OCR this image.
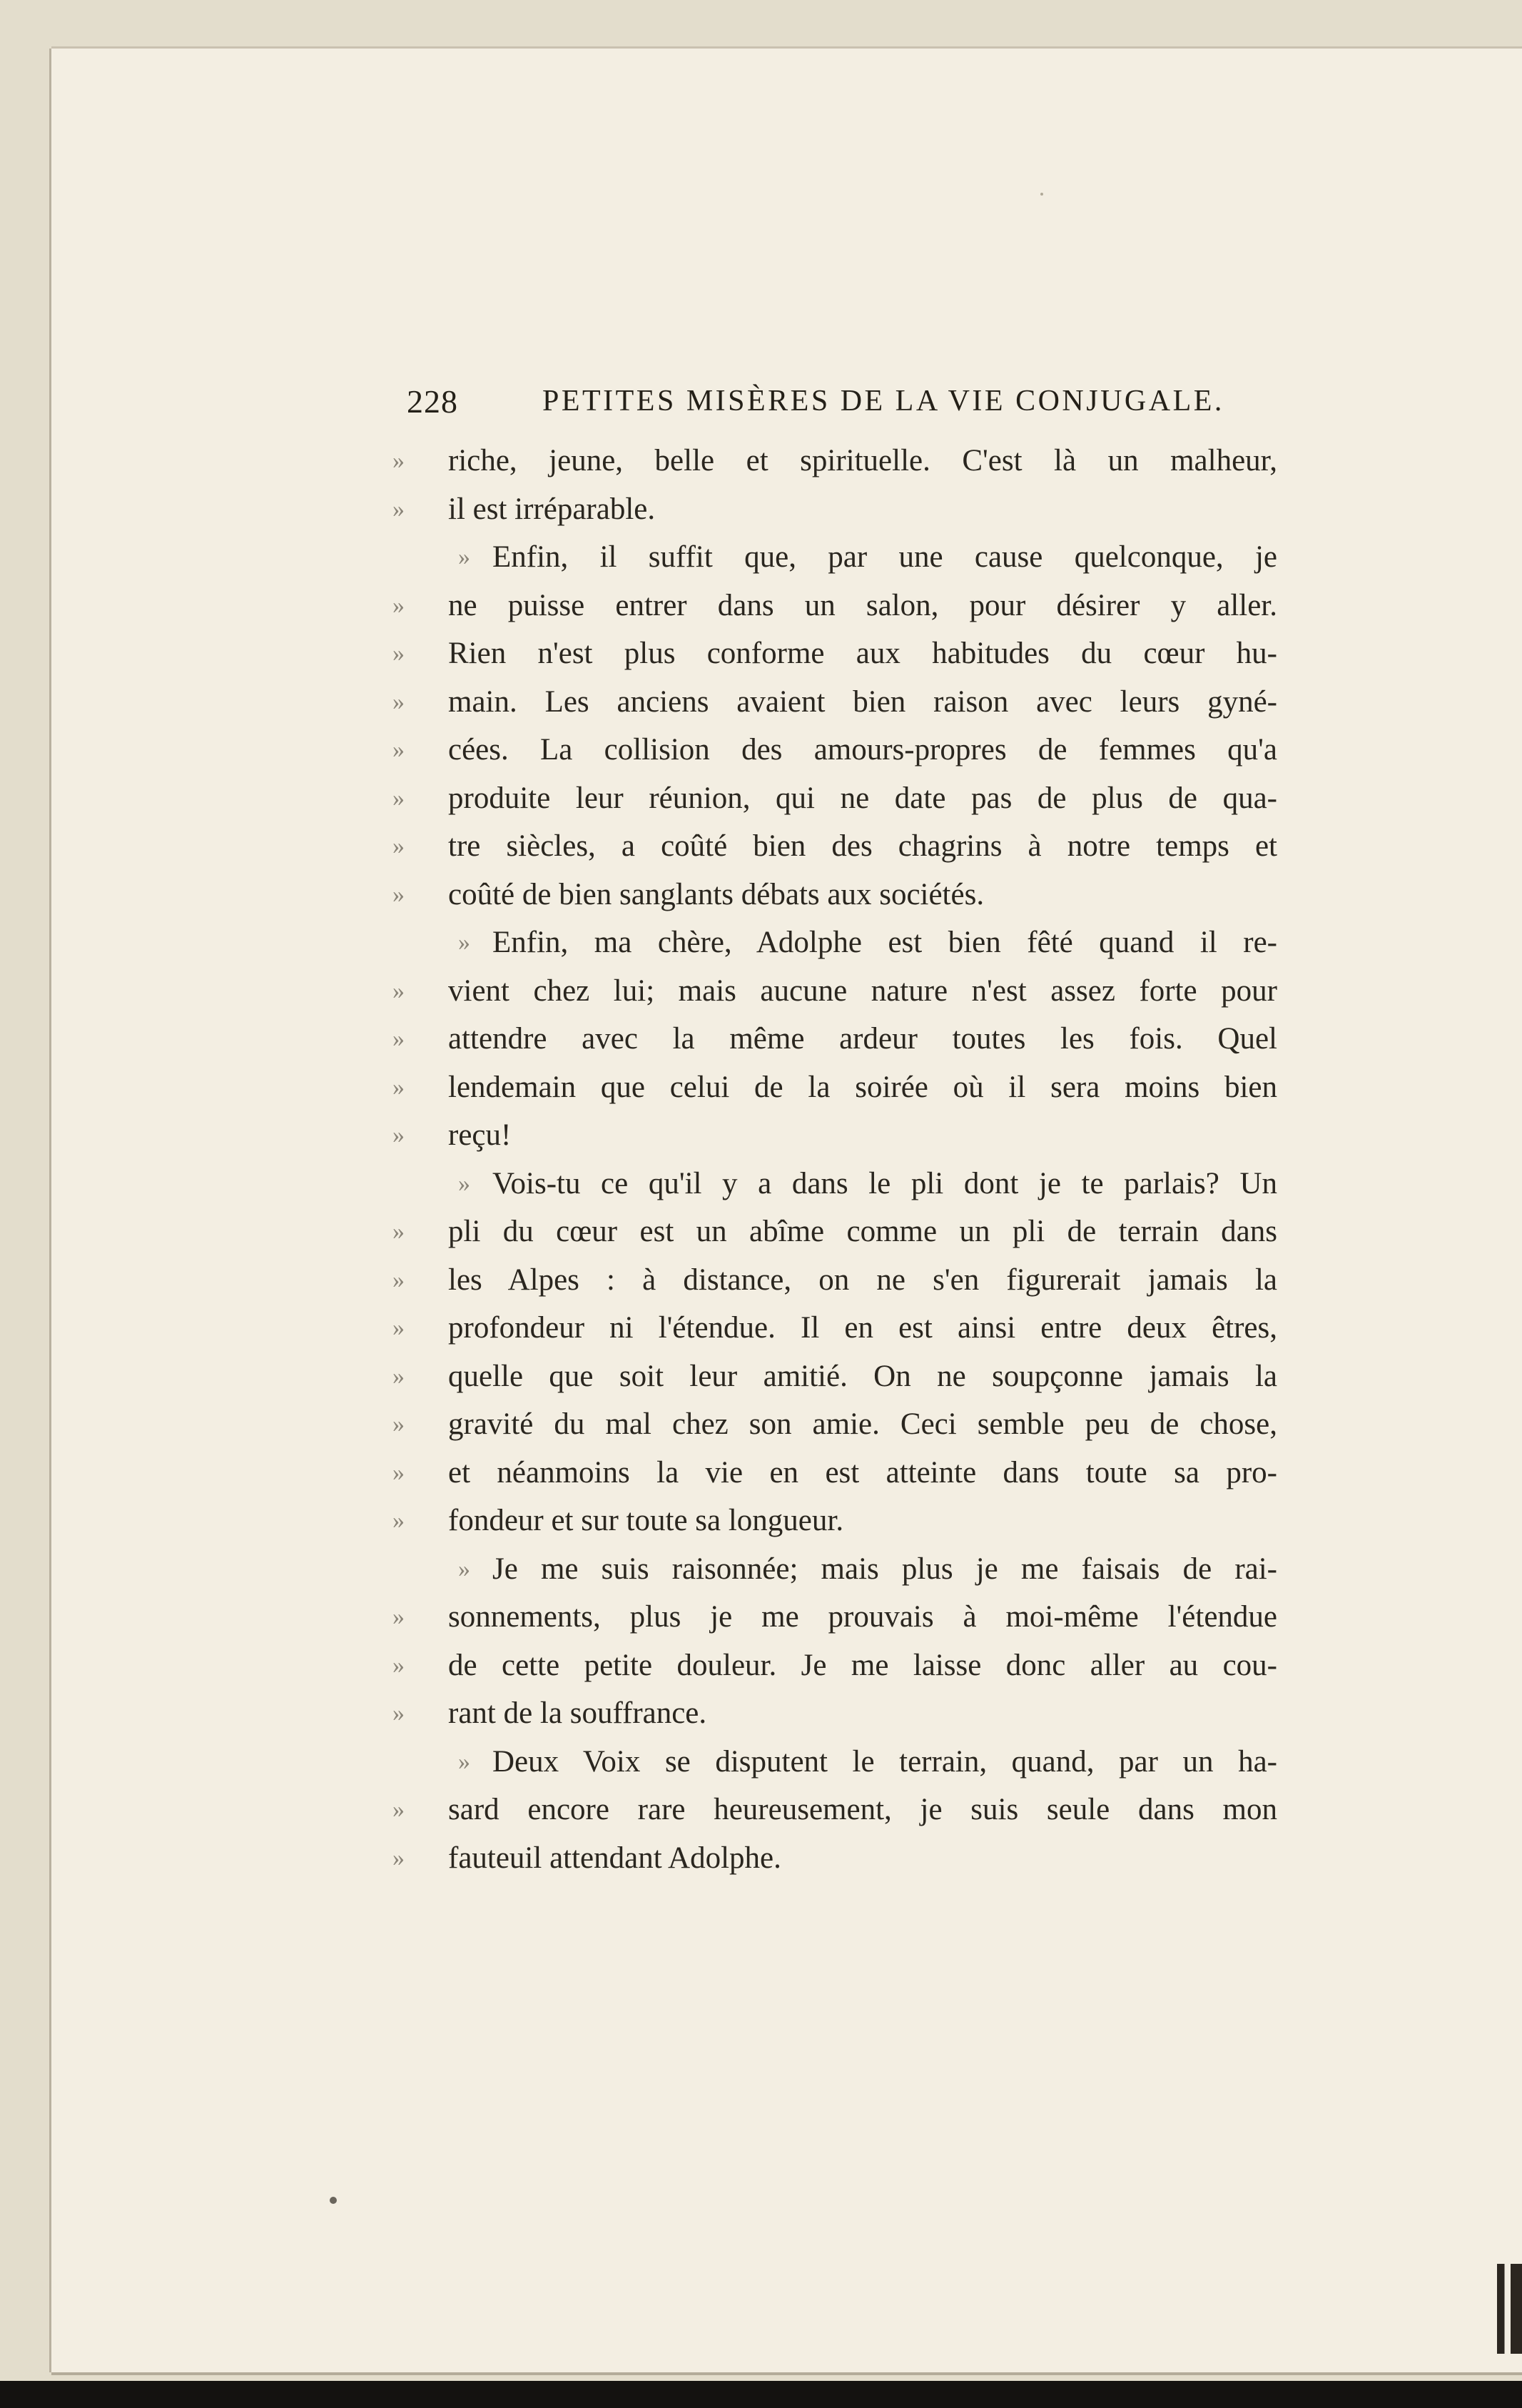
228	PETITES MISÈRES DE LA VIE CONJUGALE.
» riche, jeune, belle et spirituelle. C'est là un malheur,
» il est irréparable.
» Enfin, il suffit que, par une cause quelconque, je
» ne puisse entrer dans un salon, pour désirer y aller.
» Rien n'est plus conforme aux habitudes du cœur hu-
» main. Les anciens avaient bien raison avec leurs gyné-
» cées. La collision des amours-propres de femmes qu'a
» produite leur réunion, qui ne date pas de plus de qua-
» tre siècles, a coûté bien des chagrins à notre temps et
» coûté de bien sanglants débats aux sociétés.
» Enfin, ma chère, Adolphe est bien fêté quand il re-
» vient chez lui; mais aucune nature n'est assez forte pour
» attendre avec la même ardeur toutes les fois. Quel
» lendemain que celui de la soirée où il sera moins bien
» reçu!
» Vois-tu ce qu'il y a dans le pli dont je te parlais? Un
» pli du cœur est un abîme comme un pli de terrain dans
» les Alpes : à distance, on ne s'en figurerait jamais la
» profondeur ni l'étendue. Il en est ainsi entre deux êtres,
» quelle que soit leur amitié. On ne soupçonne jamais la
» gravité du mal chez son amie. Ceci semble peu de chose,
» et néanmoins la vie en est atteinte dans toute sa pro-
» fondeur et sur toute sa longueur.
» Je me suis raisonnée; mais plus je me faisais de rai-
» sonnements, plus je me prouvais à moi-même l'étendue
» de cette petite douleur. Je me laisse donc aller au cou-
» rant de la souffrance.
» Deux Voix se disputent le terrain, quand, par un ha-
» sard encore rare heureusement, je suis seule dans mon
» fauteuil attendant Adolphe.
